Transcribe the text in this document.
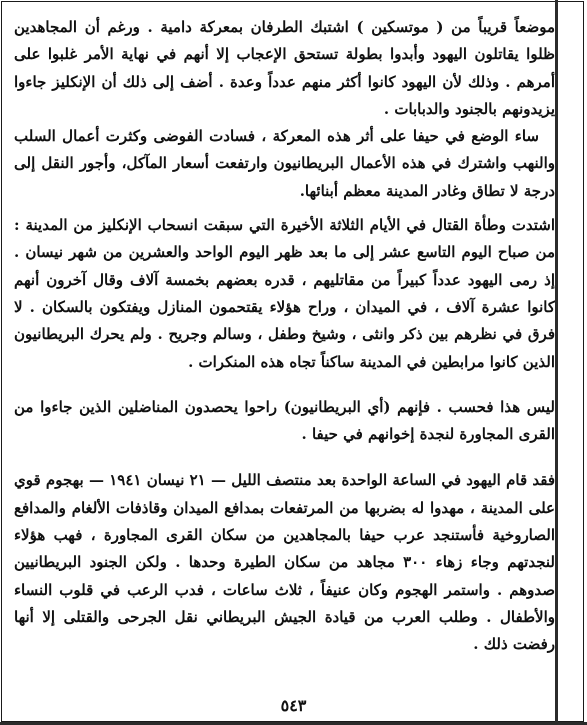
موضعاً قريباً من ( موتسكين ) اشتبك الطرفان بمعركة دامية . ورغم أن المجاهدين ظلوا يقاتلون اليهود وأبدوا بطولة تستحق الإعجاب إلا أنهم في نهاية الأمر غلبوا على أمرهم . وذلك لأن اليهود كانوا أكثر منهم عدداً وعدة . أضف إلى ذلك أن الإنكليز جاءوا يزيدونهم بالجنود والدبابات .

ساء الوضع في حيفا على أثر هذه المعركة ، فسادت الفوضى وكثرت أعمال السلب والنهب واشترك في هذه الأعمال البريطانيون وارتفعت أسعار المآكل، وأجور النقل إلى درجة لا تطاق وغادر المدينة معظم أبنائها.

اشتدت وطأة القتال في الأيام الثلاثة الأخيرة التي سبقت انسحاب الإنكليز من المدينة : من صباح اليوم التاسع عشر إلى ما بعد ظهر اليوم الواحد والعشرين من شهر نيسان . إذ رمى اليهود عدداً كبيراً من مقاتليهم ، قدره بعضهم بخمسة آلاف وقال آخرون أنهم كانوا عشرة آلاف ، في الميدان ، وراح هؤلاء يقتحمون المنازل ويفتكون بالسكان . لا فرق في نظرهم بين ذكر وانثى ، وشيخ وطفل ، وسالم وجريح . ولم يحرك البريطانيون الذين كانوا مرابطين في المدينة ساكناً تجاه هذه المنكرات .

ليس هذا فحسب . فإنهم (أي البريطانيون) راحوا يحصدون المناضلين الذين جاءوا من القرى المجاورة لنجدة إخوانهم في حيفا .

فقد قام اليهود في الساعة الواحدة بعد منتصف الليل — ٢١ نيسان ١٩٤١ — بهجوم قوي على المدينة ، مهدوا له بضربها من المرتفعات بمدافع الميدان وقاذفات الألغام والمدافع الصاروخية فأستنجد عرب حيفا بالمجاهدين من سكان القرى المجاورة ، فهب هؤلاء لنجدتهم وجاء زهاء ٣٠٠ مجاهد من سكان الطيرة وحدها . ولكن الجنود البريطانيين صدوهم . واستمر الهجوم وكان عنيفاً ، ثلاث ساعات ، فدب الرعب في قلوب النساء والأطفال . وطلب العرب من قيادة الجيش البريطاني نقل الجرحى والقتلى إلا أنها رفضت ذلك .

٥٤٣
